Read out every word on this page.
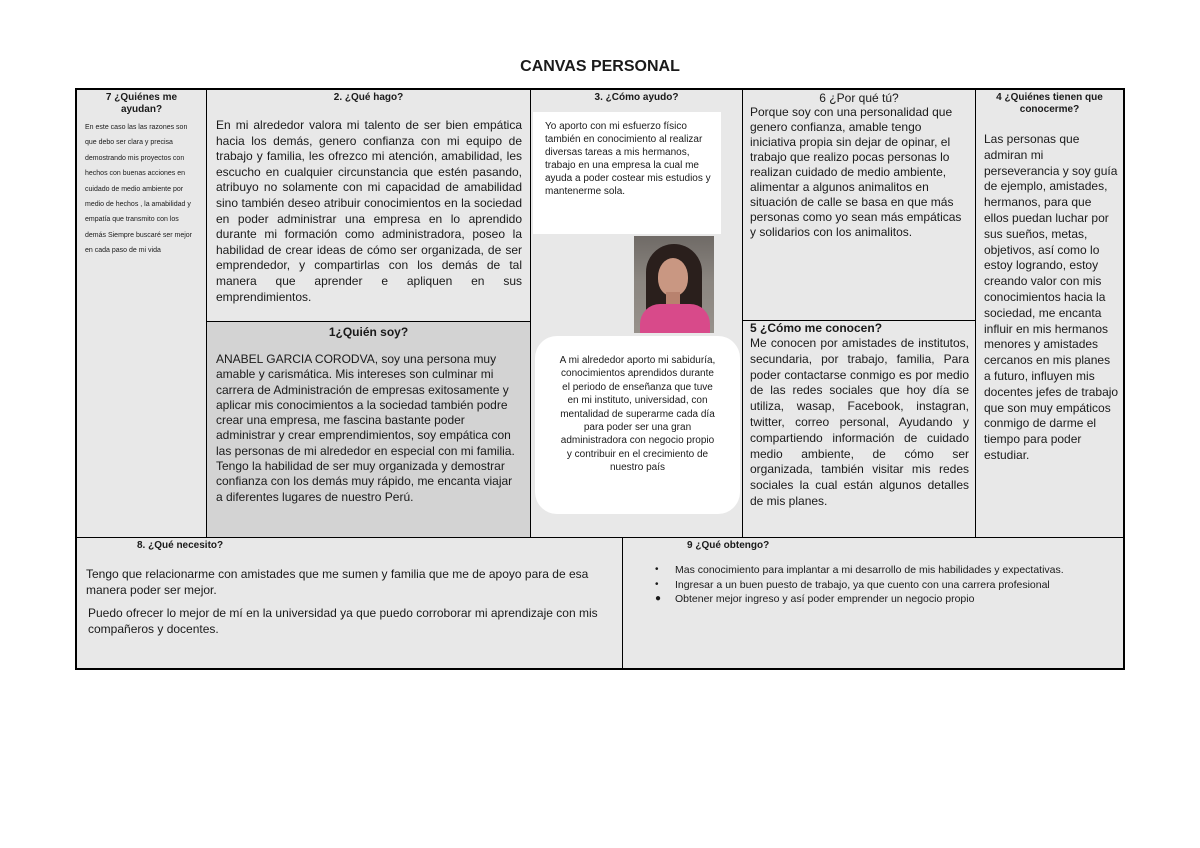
CANVAS PERSONAL
7 ¿Quiénes me ayudan?
En este caso las las razones son que debo ser clara y precisa demostrando mis proyectos con hechos con buenas acciones en cuidado de medio ambiente por medio de hechos , la amabilidad y empatía que transmito con los demás Siempre buscaré ser mejor en cada paso de mi vida
2. ¿Qué hago?
En mi alrededor valora mi talento de ser bien empática hacia los demás, genero confianza con mi equipo de trabajo y familia, les ofrezco mi atención, amabilidad, les escucho en cualquier circunstancia que estén pasando, atribuyo no solamente con mi capacidad de amabilidad sino también deseo atribuir conocimientos en la sociedad en poder administrar una empresa en lo aprendido durante mi formación como administradora, poseo la habilidad de crear ideas de cómo ser organizada, de ser emprendedor, y compartirlas con los demás de tal manera que aprender e apliquen en sus emprendimientos.
1¿Quién soy?
ANABEL GARCIA CORODVA, soy una persona muy amable y carismática. Mis intereses son culminar mi carrera de Administración de empresas exitosamente y aplicar mis conocimientos a la sociedad también podre crear una empresa, me fascina bastante poder administrar y crear emprendimientos, soy empática con las personas de mi alrededor en especial con mi familia. Tengo la habilidad de ser muy organizada y demostrar confianza con los demás muy rápido, me encanta viajar a diferentes lugares de nuestro Perú.
3. ¿Cómo ayudo?
Yo aporto con mi esfuerzo físico también en conocimiento al realizar diversas tareas a mis hermanos, trabajo en una empresa la cual me ayuda a poder costear mis estudios y mantenerme sola.
A mi alrededor aporto mi sabiduría, conocimientos aprendidos durante el periodo de enseñanza que tuve en mi instituto, universidad, con mentalidad de superarme cada día para poder ser una gran administradora con negocio propio y contribuir en el crecimiento de nuestro país
6 ¿Por qué tú?
Porque soy con una personalidad que genero confianza, amable tengo iniciativa propia sin dejar de opinar, el trabajo que realizo pocas personas lo realizan cuidado de medio ambiente, alimentar a algunos animalitos en situación de calle se basa en que más personas como yo sean más empáticas y solidarios con los animalitos.
5 ¿Cómo me conocen?
Me conocen por amistades de institutos, secundaria, por trabajo, familia, Para poder contactarse conmigo es por medio de las redes sociales que hoy día se utiliza, wasap, Facebook, instagran, twitter, correo personal, Ayudando y compartiendo información de cuidado medio ambiente, de cómo ser organizada, también visitar mis redes sociales la cual están algunos detalles de mis planes.
4 ¿Quiénes tienen que conocerme?
Las personas que admiran mi perseverancia y soy guía de ejemplo, amistades, hermanos, para que ellos puedan luchar por sus sueños, metas, objetivos, así como lo estoy logrando, estoy creando valor con mis conocimientos hacia la sociedad, me encanta influir en mis hermanos menores y amistades cercanos en mis planes a futuro, influyen mis docentes jefes de trabajo que son muy empáticos conmigo de darme el tiempo para poder estudiar.
8. ¿Qué necesito?
Tengo que relacionarme con amistades que me sumen y familia que me de apoyo para de esa manera poder ser mejor.
Puedo ofrecer lo mejor de mí en la universidad ya que puedo corroborar mi aprendizaje con mis compañeros y docentes.
9 ¿Qué obtengo?
• Mas conocimiento para implantar a mi desarrollo de mis habilidades y expectativas.
• Ingresar a un buen puesto de trabajo, ya que cuento con una carrera profesional
● Obtener mejor ingreso y así poder emprender un negocio propio
